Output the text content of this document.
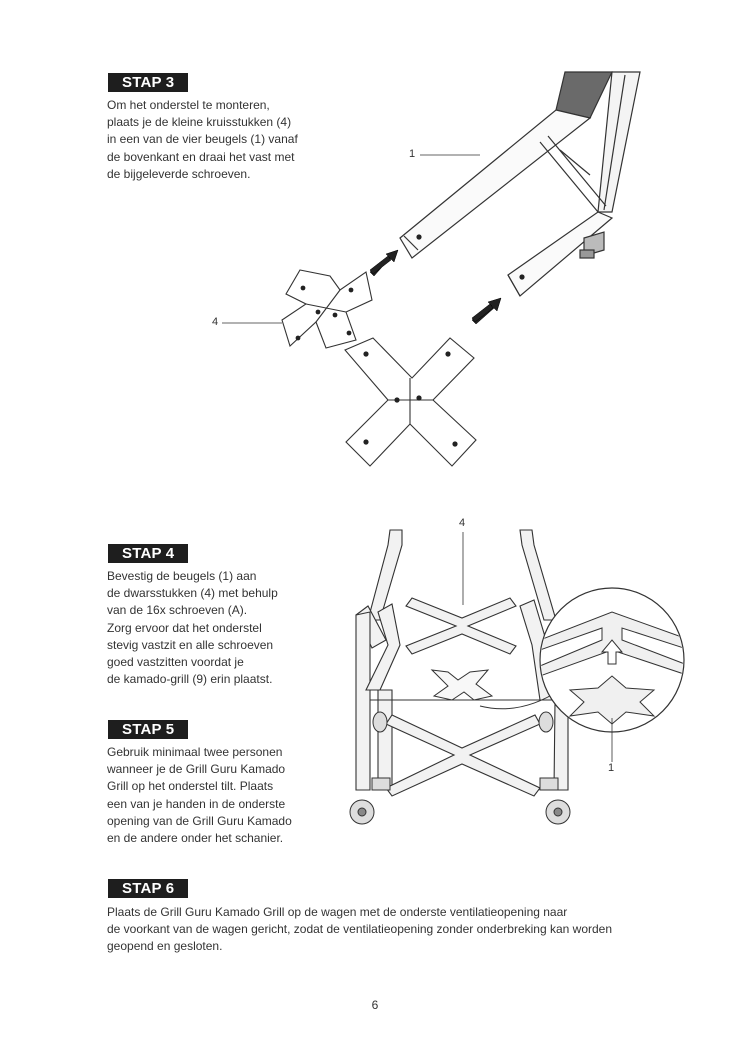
STAP 3

Om het onderstel te monteren,
plaats je de kleine kruisstukken (4)
in een van de vier beugels (1) vanaf
de bovenkant en draai het vast met
de bijgeleverde schroeven.

1
4
STAP 4

Bevestig de beugels (1) aan
de dwarsstukken (4) met behulp
van de 16x schroeven (A).
Zorg ervoor dat het onderstel
stevig vastzit en alle schroeven
goed vastzitten voordat je
de kamado-grill (9) erin plaatst.

STAP 5

Gebruik minimaal twee personen
wanneer je de Grill Guru Kamado
Grill op het onderstel tilt. Plaats
een van je handen in de onderste
opening van de Grill Guru Kamado
en de andere onder het schanier.

4
1
STAP 6

Plaats de Grill Guru Kamado Grill op de wagen met de onderste ventilatieopening naar
de voorkant van de wagen gericht, zodat de ventilatieopening zonder onderbreking kan worden
geopend en gesloten.

6
